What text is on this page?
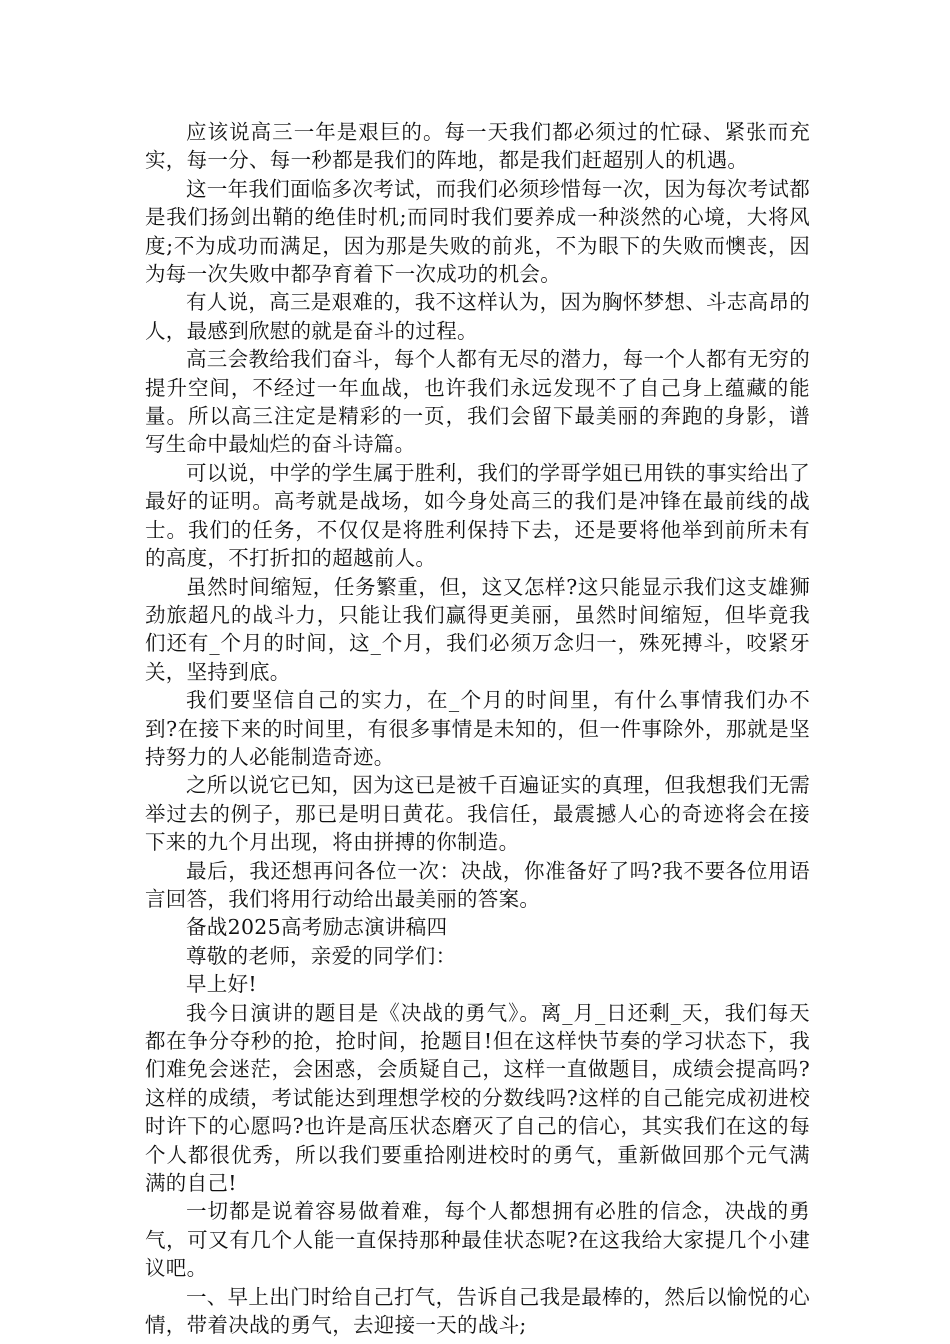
应该说高三一年是艰巨的。每一天我们都必须过的忙碌、紧张而充实，每一分、每一秒都是我们的阵地，都是我们赶超别人的机遇。

这一年我们面临多次考试，而我们必须珍惜每一次，因为每次考试都是我们扬剑出鞘的绝佳时机;而同时我们要养成一种淡然的心境，大将风度;不为成功而满足，因为那是失败的前兆，不为眼下的失败而懊丧，因为每一次失败中都孕育着下一次成功的机会。

有人说，高三是艰难的，我不这样认为，因为胸怀梦想、斗志高昂的人，最感到欣慰的就是奋斗的过程。

高三会教给我们奋斗，每个人都有无尽的潜力，每一个人都有无穷的提升空间，不经过一年血战，也许我们永远发现不了自己身上蕴藏的能量。所以高三注定是精彩的一页，我们会留下最美丽的奔跑的身影，谱写生命中最灿烂的奋斗诗篇。

可以说，中学的学生属于胜利，我们的学哥学姐已用铁的事实给出了最好的证明。高考就是战场，如今身处高三的我们是冲锋在最前线的战士。我们的任务，不仅仅是将胜利保持下去，还是要将他举到前所未有的高度，不打折扣的超越前人。

虽然时间缩短，任务繁重，但，这又怎样?这只能显示我们这支雄狮劲旅超凡的战斗力，只能让我们赢得更美丽，虽然时间缩短，但毕竟我们还有_个月的时间，这_个月，我们必须万念归一，殊死搏斗，咬紧牙关，坚持到底。

我们要坚信自己的实力，在_个月的时间里，有什么事情我们办不到?在接下来的时间里，有很多事情是未知的，但一件事除外，那就是坚持努力的人必能制造奇迹。

之所以说它已知，因为这已是被千百遍证实的真理，但我想我们无需举过去的例子，那已是明日黄花。我信任，最震撼人心的奇迹将会在接下来的九个月出现，将由拼搏的你制造。

最后，我还想再问各位一次：决战，你准备好了吗?我不要各位用语言回答，我们将用行动给出最美丽的答案。

备战2025高考励志演讲稿四

尊敬的老师，亲爱的同学们：

早上好!

我今日演讲的题目是《决战的勇气》。离_月_日还剩_天，我们每天都在争分夺秒的抢，抢时间，抢题目!但在这样快节奏的学习状态下，我们难免会迷茫，会困惑，会质疑自己，这样一直做题目，成绩会提高吗?这样的成绩，考试能达到理想学校的分数线吗?这样的自己能完成初进校时许下的心愿吗?也许是高压状态磨灭了自己的信心，其实我们在这的每个人都很优秀，所以我们要重拾刚进校时的勇气，重新做回那个元气满满的自己!

一切都是说着容易做着难，每个人都想拥有必胜的信念，决战的勇气，可又有几个人能一直保持那种最佳状态呢?在这我给大家提几个小建议吧。

一、早上出门时给自己打气，告诉自己我是最棒的，然后以愉悦的心情，带着决战的勇气，去迎接一天的战斗;
